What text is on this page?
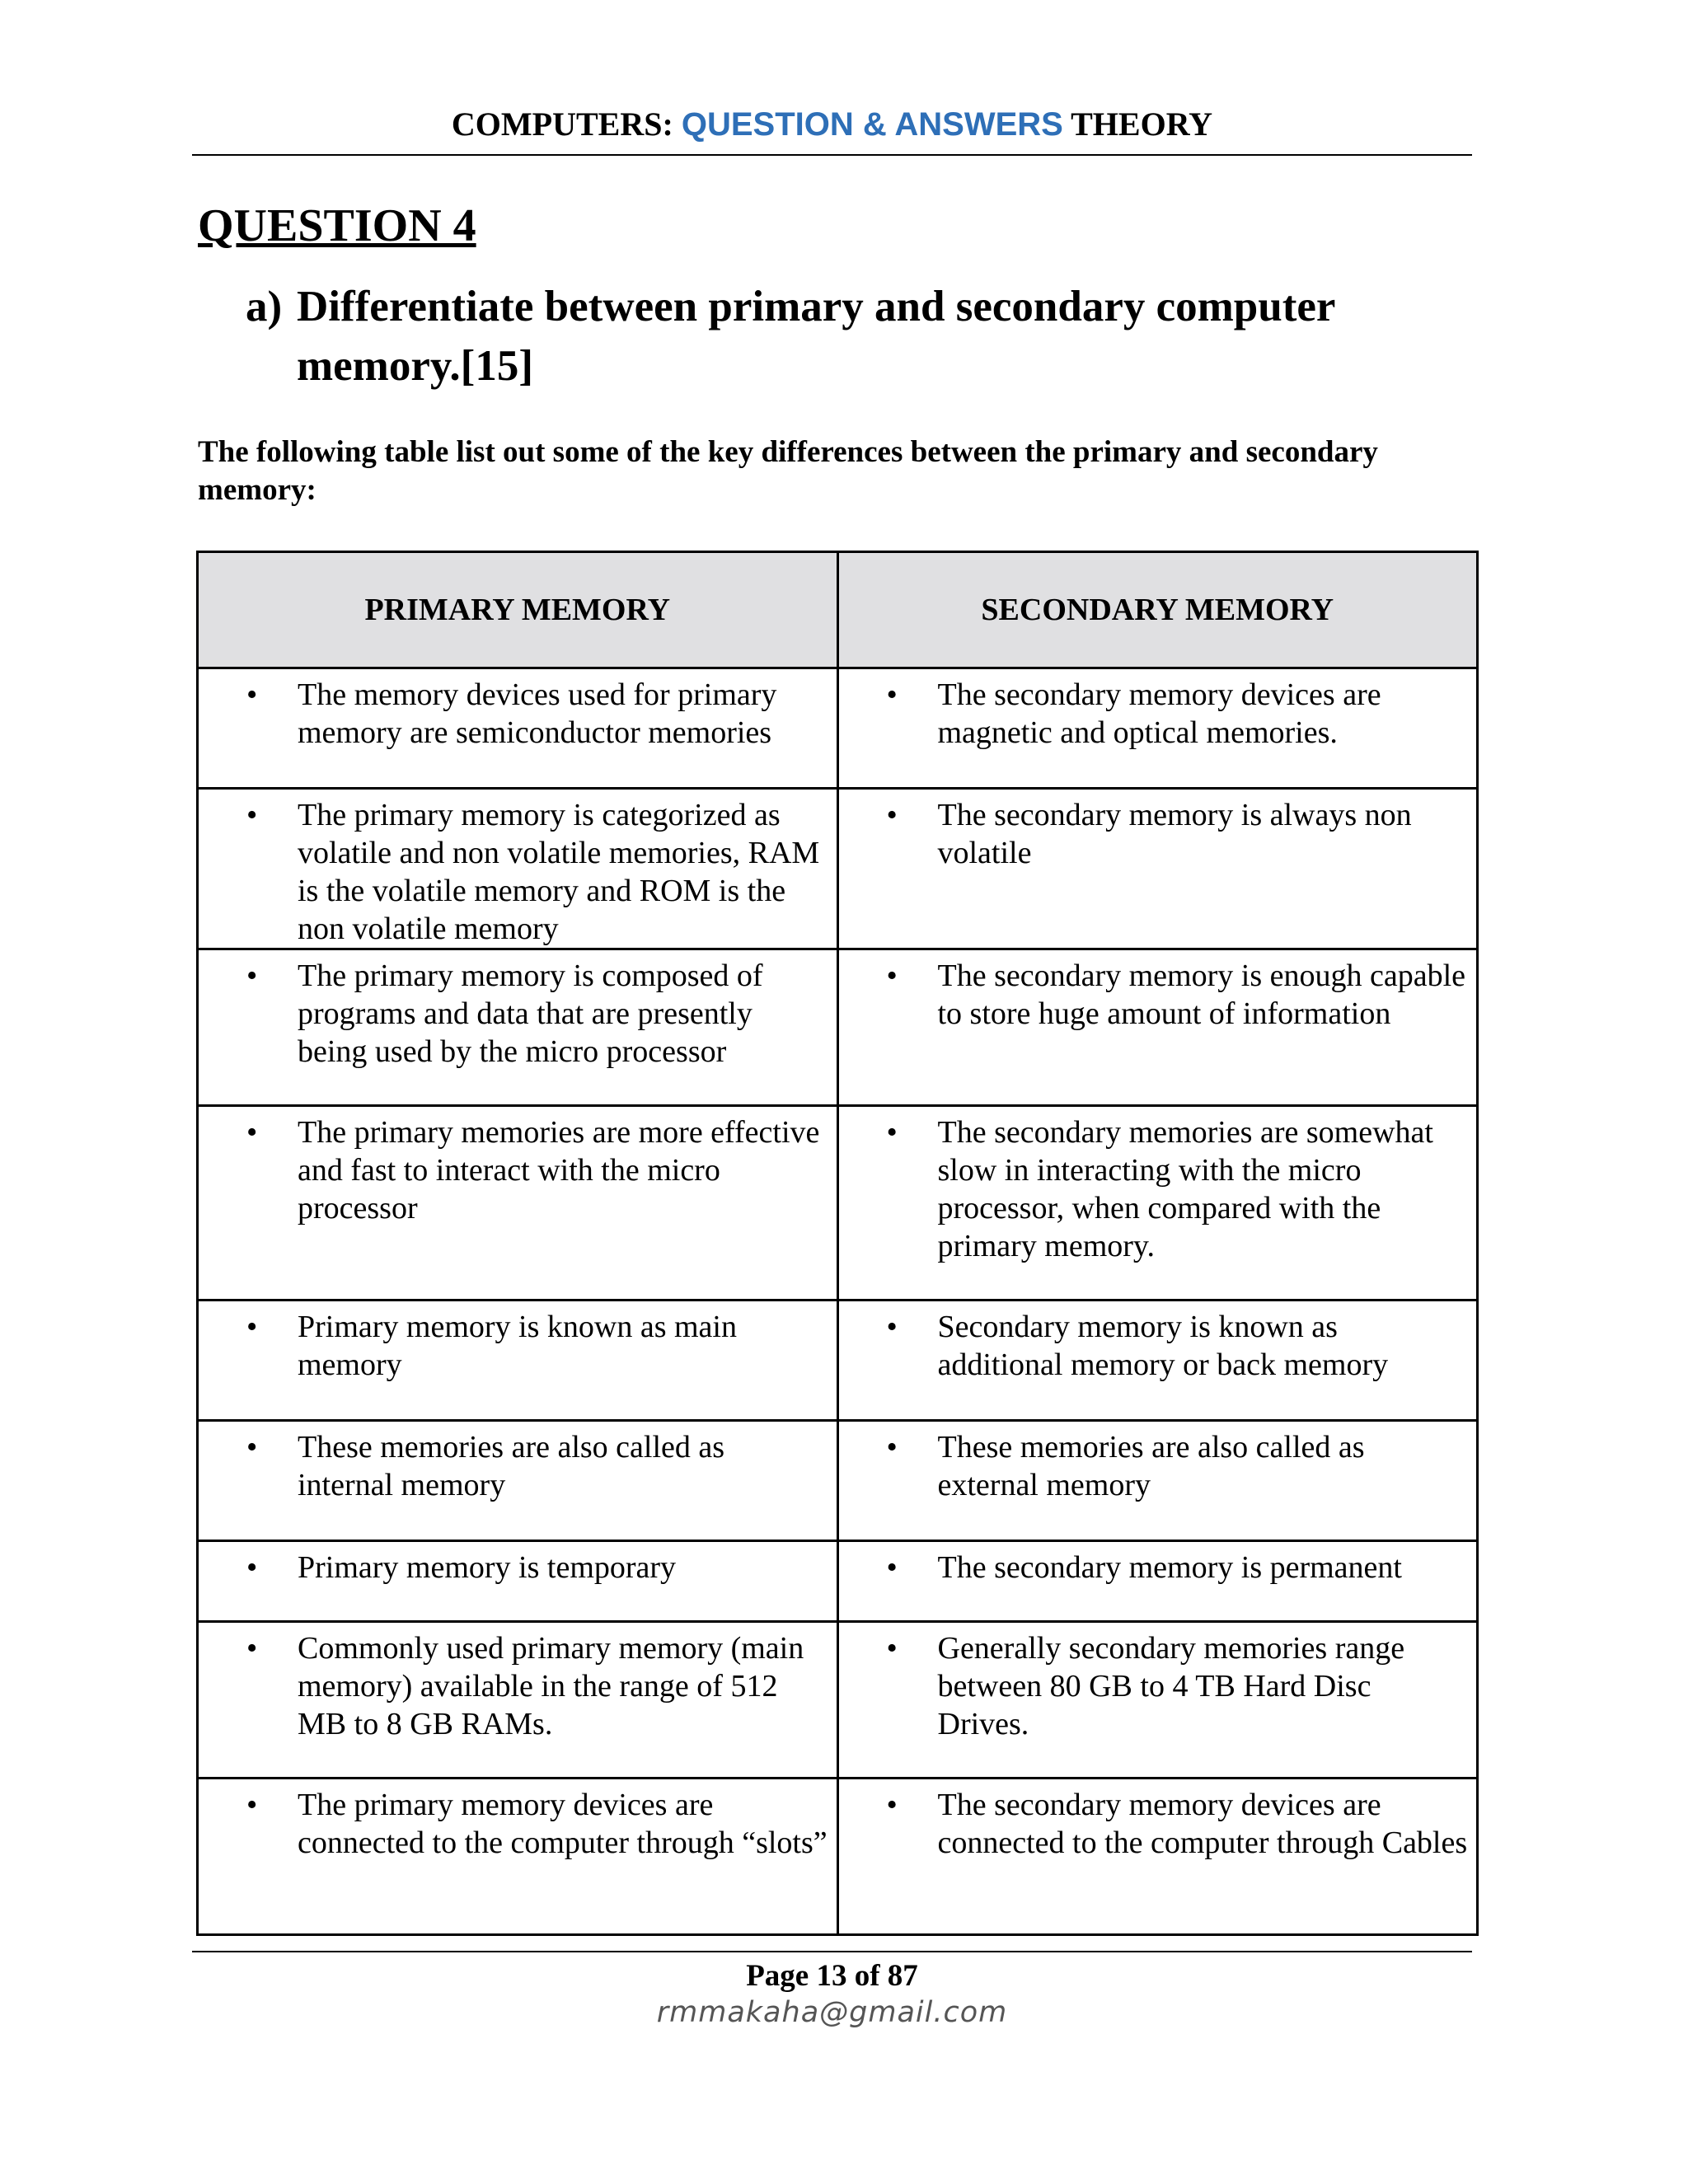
COMPUTERS: QUESTION & ANSWERS THEORY
QUESTION 4
a) Differentiate between primary and secondary computer memory.[15]
The following table list out some of the key differences between the primary and secondary memory:
PRIMARY MEMORY	SECONDARY MEMORY

• The memory devices used for primary memory are semiconductor memories	• The secondary memory devices are magnetic and optical memories.

• The primary memory is categorized as volatile and non volatile memories, RAM is the volatile memory and ROM is the non volatile memory	• The secondary memory is always non volatile

• The primary memory is composed of programs and data that are presently being used by the micro processor	• The secondary memory is enough capable to store huge amount of information

• The primary memories are more effective and fast to interact with the micro processor	• The secondary memories are somewhat slow in interacting with the micro processor, when compared with the primary memory.

• Primary memory is known as main memory	• Secondary memory is known as additional memory or back memory

• These memories are also called as internal memory	• These memories are also called as external memory

• Primary memory is temporary	• The secondary memory is permanent

• Commonly used primary memory (main memory) available in the range of 512 MB to 8 GB RAMs.	• Generally secondary memories range between 80 GB to 4 TB Hard Disc Drives.

• The primary memory devices are connected to the computer through “slots”	• The secondary memory devices are connected to the computer through Cables
Page 13 of 87
rmmakaha@gmail.com
